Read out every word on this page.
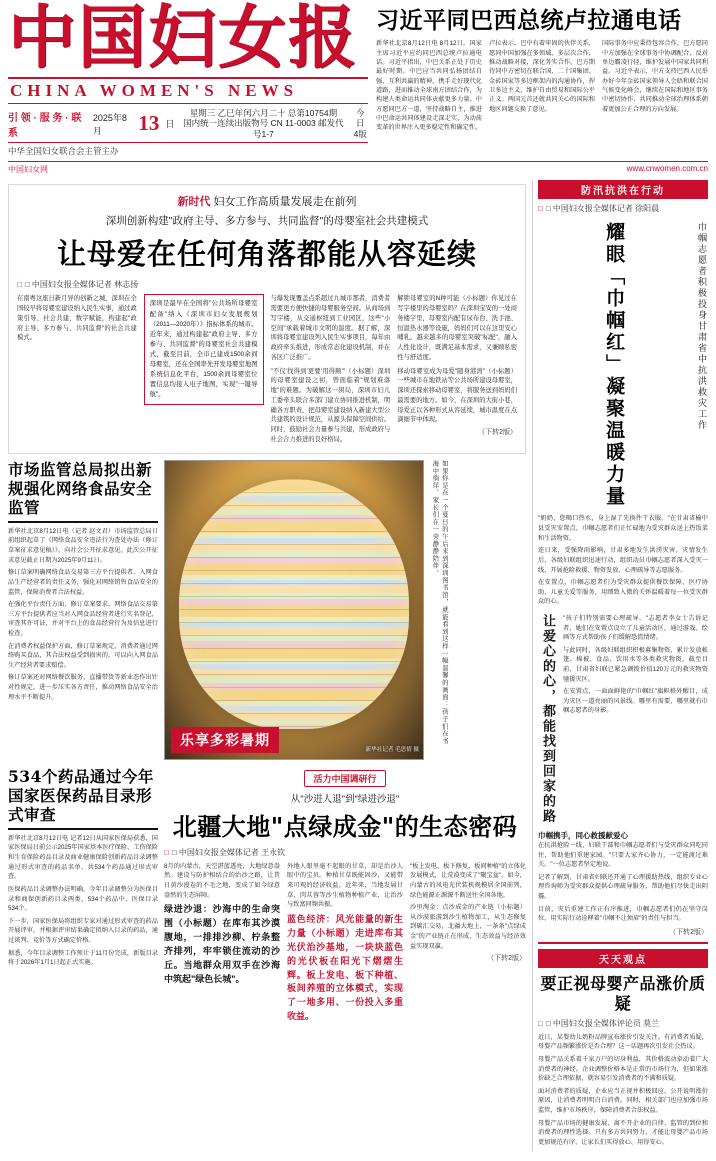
中国妇女报
CHINA WOMEN'S NEWS
引 领 · 服 务 · 联 系
2025年8月	13 日
星期三 乙巳年闰六月二十 总第10754期
国内统一连续出版物号 CN 11-0003 邮发代号1-7
今日
4版
中华全国妇女联合会主管主办
习近平同巴西总统卢拉通电话
新华社北京8月12日电 8月12日，国家主席习近平应约同巴西总统卢拉通电话。习近平指出，中巴关系正处于历史最好时期。中巴应当共同弘扬团结自强、互利共赢的精神，携手走好现代化道路，进而推动全球南方团结合作，为构建人类命运共同体贡献更多力量。中方愿同巴方一道，坚持战略自主，推进中巴命运共同体建设走深走实，为动荡变革的世界注入更多稳定性和确定性。
卢拉表示，巴中有着牢固的伙伴关系，愿同中国加强在多领域、多层次合作，推动战略对接，深化务实合作。巴方期待同中方密切在联合国、二十国集团、金砖国家等多边框架内的沟通协作，捍卫多边主义，维护自由贸易和国际公平正义。两国元首还就共同关心的国际和地区问题交换了意见。
国际事务中应秉持包容合作，巴方愿同中方加强在全球事务中协调配合，反对单边霸凌行径，维护发展中国家共同利益。习近平表示，中方支持巴西人民举办好今年金砖国家领导人会晤和联合国气候变化峰会，继续在国际和地区事务中密切协作，共同推动全球治理体系朝着更加公正合理的方向发展。
中国妇女网	www.cnwomen.com.cn
新时代 妇女工作高质量发展走在前列
深圳创新构建"政府主导、多方参与、共同监督"的母婴室社会共建模式
让母爱在任何角落都能从容延续
□ □ 中国妇女报全媒体记者 林志扬
在南粤这座日新月异的创新之城，深圳在全国较早将母婴室建设纳入民生实事，通过政策引导、社会共建、数字赋能，构建起"政府主导、多方参与、共同监督"的社会共建模式。
深圳是最早在全国将"公共场所母婴室配备"纳入《深圳市妇女发展规划（2011—2020年）》指标体系的城市。近年来，通过构建起"政府主导、多方参与、共同监督"的母婴室社会共建模式，截至目前，全市已建成1500余间母婴室，还在全国率先开发母婴室地图系统信息化平台，1500余间母婴室位置信息均接入电子地图，实现"一键导航"。
与爆发现覆盖点系超过九城市那者，消费者需要更方便快捷的母婴服务空间。从商场到写字楼，从交通枢纽到工业园区，这些"小空间"承载着城市文明的温度。据了解，深圳将母婴室建设列入民生实事项目，每年由政府牵头推进，形成常态化建设机制，并在各区广泛推广。
"不仅'找得到'更要'用得顺'"（小标题）深圳的母婴室建设之初，曾面临着"规划难落地"的难题。为破解这一困局，深圳市妇儿工委牵头联合多部门建立协同推进机制，明确各方职责，把母婴室建设纳入新建大型公共建筑的设计规范，从源头保障空间供给。同时，鼓励社会力量参与共建，形成政府与社会合力推进的良好格局。
解锁母婴室的N种可能（小标题）你见过在写字楼里的母婴室吗？在深圳宝安的一处商务楼宇里，母婴室内配有尿布台、洗手池、恒温热水器等设施，妈妈们可以在这里安心哺乳。越来越多的母婴室突破"标配"，融入人性化设计，既满足基本需求，又兼顾私密性与舒适度。
移动母婴室成为母爱"随身港湾"（小标题）一些城市在地铁站等公共场所建设母婴室，深圳还探索移动母婴室，将服务送到妈妈们最需要的地方。如今，在深圳的大街小巷，母爱正以各种形式从容延续，城市温度在点滴细节中体现。
（下转2版）
市场监管总局拟出新规强化网络食品安全监管

新华社北京8月12日电（记者 赵文君）市场监管总局日前组织起草了《网络食品安全违法行为查处办法（修订草案征求意见稿）》，向社会公开征求意见。此次公开征求意见截止日期为2025年9月11日。

修订草案明确网络食品交易第三方平台提供者、入网食品生产经营者的责任义务，强化对网络销售食品安全的监管，保障消费者合法权益。

在强化平台责任方面，修订草案要求，网络食品交易第三方平台提供者应当对入网食品经营者进行实名登记，审查其许可证，并对平台上的食品经营行为及信息进行检查。

在消费者权益保护方面，修订草案规定，消费者通过网络购买食品，其合法权益受到损害的，可以向入网食品生产经营者要求赔偿。

修订草案还对网络餐饮服务、直播带货等新业态作出针对性规定，进一步压实各方责任，推动网络食品安全治理水平不断提升。

乐享多彩暑期
新华社记者 毛思倩 摄
如果你是在一个夏日的午后来到深圳图书馆，就能看到这样一幅温馨的画面：孩子们在书海中徜徉，家长们在一旁静静陪伴。
534个药品通过今年国家医保药品目录形式审查

新华社北京8月12日电 记者12日从国家医保局获悉，国家医保局日前公示2025年国家基本医疗保险、工伤保险和生育保险药品目录及商业健康保险创新药品目录调整通过形式审查的药品名单，共534个药品通过形式审查。

医保药品目录调整办法明确，今年目录调整分为医保目录和商保创新药目录两类，534个药品中，医保目录534个。

下一步，国家医保局将组织专家对通过形式审查的药品开展评审，并根据评审结果确定拟纳入目录的药品，通过谈判、竞价等方式确定价格。

据悉，今年目录调整工作预计于11月份完成，新版目录将于2026年1月1日起正式实施。

活力中国调研行
从"沙进人退"到"绿进沙退"
北疆大地"点绿成金"的生态密码
□ □ 中国妇女报全媒体记者 王永钦

8月的内蒙古，天空湛蓝透亮，大地绿意盎然。建设与防护相结合的治沙之路，让昔日黄沙漫卷的不毛之地，变成了如今绿意盎然的生态屏障。

绿进沙退：沙海中的生命突围（小标题）在库布其沙漠腹地，一排排沙柳、柠条整齐排列，牢牢锁住流动的沙丘。当地群众用双手在沙海中筑起"绿色长城"。

外地人眼里毫不起眼的甘草，却是治沙人眼中的宝贝。种植甘草既能固沙，又能带来可观的经济收益。近年来，当地发展甘草、肉苁蓉等沙生植物种植产业，让治沙与致富同频共振。

蓝色经济：风光能量的新生力量（小标题）走进库布其光伏治沙基地，一块块蓝色的光伏板在阳光下熠熠生辉。板上发电、板下种植、板间养殖的立体模式，实现了一地多用、一份投入多重收益。

"板上发电、板下修复、板间种植"的立体化发展模式，让荒漠变成了"聚宝盆"。如今，内蒙古的风电光伏装机规模居全国前列，绿色能源正源源不断送往全国各地。

沙里淘金：点沙成金的产业链（小标题）从沙漠旅游到沙生植物加工，从生态修复到碳汇交易，北疆大地上，一条条"点绿成金"的产业链正在形成，生态效益与经济效益实现双赢。

（下转2版）

防汛抗洪在行动
□ □ 中国妇女报全媒体记者 徐阳晨
耀眼「巾帼红」凝聚温暖力量	巾帼志愿者积极投身甘肃省中抗洪救灾工作

"奶奶，您喝口热水，身上湿了先换件干衣服。"在甘肃省榆中县受灾安置点，巾帼志愿者们正忙碌地为受灾群众送上热饭菜和生活物资。

连日来，受强降雨影响，甘肃多地发生洪涝灾害。灾情发生后，各级妇联组织迅速行动，组织动员巾帼志愿者深入受灾一线，开展抢险救援、物资发放、心理疏导等志愿服务。

在安置点，巾帼志愿者们为受灾群众提供餐饮保障、医疗协助、儿童关爱等服务，用细致入微的关怀温暖着每一位受灾群众的心。

让爱心的心，都能找到回家的路	"孩子们特别需要心理疏导。"志愿者李女士告诉记者，她们在安置点设立了儿童活动区，通过游戏、绘画等方式帮助孩子们缓解恐慌情绪。

与此同时，各级妇联组织积极募集物资，累计发放帐篷、棉被、食品、饮用水等各类救灾物资。截至目前，甘肃省妇联已紧急调拨价值120万元的救灾物资驰援灾区。

在安置点，一面面鲜艳的"巾帼红"旗帜格外醒目，成为灾区一道亮丽的风景线。哪里有需要，哪里就有巾帼志愿者的身影。

巾帼携手，同心救援献爱心

在抗洪抢险一线，妇联干部和巾帼志愿者们与受灾群众同吃同住，帮助他们重建家园。"只要大家齐心协力，一定能渡过难关。"一位志愿者坚定地说。

记者了解到，甘肃省妇联还开通了心理援助热线，组织专业心理咨询师为受灾群众提供心理疏导服务，帮助他们尽快走出阴霾。

目前，灾后重建工作正有序推进，巾帼志愿者们仍在坚守岗位，用实际行动诠释着"巾帼不让须眉"的责任与担当。

（下转2版）
天天观点
要正视母婴产品涨价质疑
□ □ 中国妇女报全媒体评论员 莫兰

近日，某婴幼儿奶粉品牌宣布涨价引发关注。有消费者质疑，母婴产品频繁涨价是否合理？这一话题再次引发社会热议。

母婴产品关系着千家万户的切身利益，其价格波动牵动着广大消费者的神经。企业调整价格本是正常的市场行为，但如果涨价缺乏合理依据，就容易引发消费者的不满和质疑。

面对消费者的质疑，企业应当正视并积极回应，公开说明涨价原因，让消费者明明白白消费。同时，相关部门也应加强市场监管，维护市场秩序，保障消费者合法权益。

母婴产品市场的健康发展，离不开企业的自律、监管的到位和消费者的理性选择。只有多方共同努力，才能让母婴产品市场更加规范有序，让家长们买得放心、用得安心。
